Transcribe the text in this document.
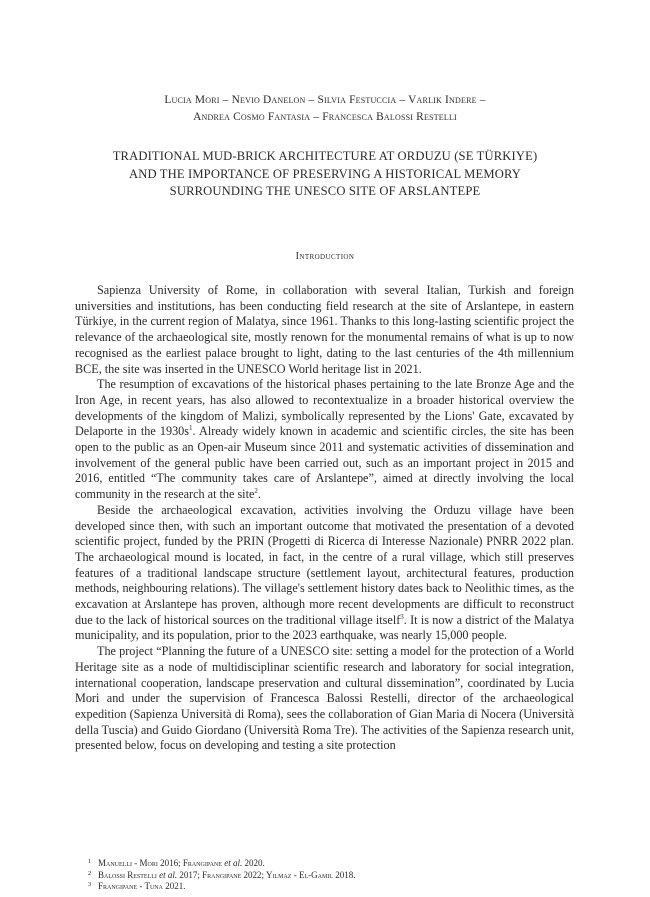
Lucia Mori – Nevio Danelon – Silvia Festuccia – Varlik Indere –
Andrea Cosmo Fantasia – Francesca Balossi Restelli
TRADITIONAL MUD-BRICK ARCHITECTURE AT ORDUZU (SE TÜRKIYE)
AND THE IMPORTANCE OF PRESERVING A HISTORICAL MEMORY
SURROUNDING THE UNESCO SITE OF ARSLANTEPE
Introduction

Sapienza University of Rome, in collaboration with several Italian, Turkish and foreign universities and institutions, has been conducting field research at the site of Arslantepe, in eastern Türkiye, in the current region of Malatya, since 1961. Thanks to this long-lasting scientific project the relevance of the archaeological site, mostly renown for the monumental remains of what is up to now recognised as the earliest palace brought to light, dating to the last centuries of the 4th millennium BCE, the site was inserted in the UNESCO World heritage list in 2021.

The resumption of excavations of the historical phases pertaining to the late Bronze Age and the Iron Age, in recent years, has also allowed to recontextualize in a broader historical overview the developments of the kingdom of Malizi, symbolically represented by the Lions' Gate, excavated by Delaporte in the $1930s^1$. Already widely known in academic and scientific circles, the site has been open to the public as an Open-air Museum since 2011 and systematic activities of dissemination and involvement of the general public have been carried out, such as an important project in 2015 and 2016, entitled “The community takes care of Arslantepe”, aimed at directly involving the local community in the research at the site$^2$.

Beside the archaeological excavation, activities involving the Orduzu village have been developed since then, with such an important outcome that motivated the presentation of a devoted scientific project, funded by the PRIN (Progetti di Ricerca di Interesse Nazionale) PNRR 2022 plan. The archaeological mound is located, in fact, in the centre of a rural village, which still preserves features of a traditional landscape structure (settlement layout, architectural features, production methods, neighbouring relations). The village's settlement history dates back to Neolithic times, as the excavation at Arslantepe has proven, although more recent developments are difficult to reconstruct due to the lack of historical sources on the traditional village itself$^3$. It is now a district of the Malatya municipality, and its population, prior to the 2023 earthquake, was nearly 15,000 people.

The project “Planning the future of a UNESCO site: setting a model for the protection of a World Heritage site as a node of multidisciplinar scientific research and laboratory for social integration, international cooperation, landscape preservation and cultural dissemination”, coordinated by Lucia Mori and under the supervision of Francesca Balossi Restelli, director of the archaeological expedition (Sapienza Università di Roma), sees the collaboration of Gian Maria di Nocera (Università della Tuscia) and Guido Giordano (Università Roma Tre). The activities of the Sapienza research unit, presented below, focus on developing and testing a site protection

1 Manuelli - Mori 2016; Frangipane et al. 2020.
2 Balossi Restelli et al. 2017; Frangipane 2022; Yilmaz - El-Gamil 2018.
3 Frangipane - Tuna 2021.
